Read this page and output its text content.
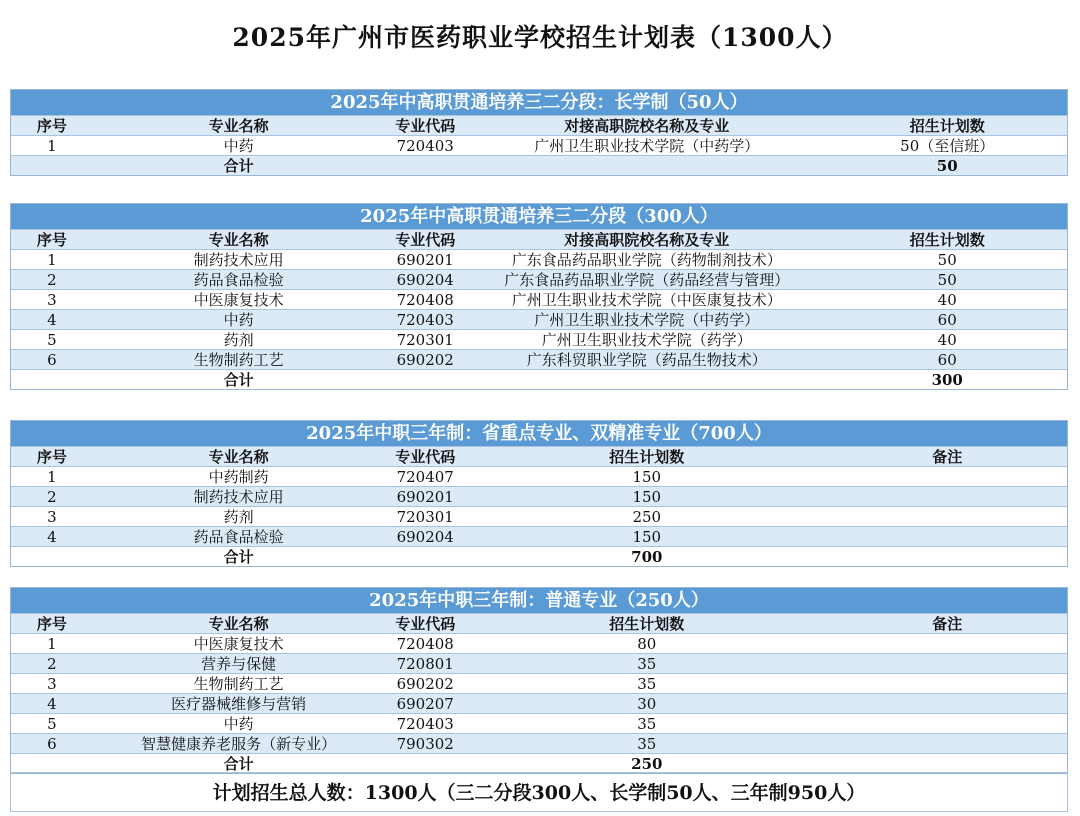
2025年广州市医药职业学校招生计划表（1300人）
2025年中高职贯通培养三二分段：长学制（50人）
序号	专业名称	专业代码	对接高职院校名称及专业	招生计划数
1	中药	720403	广州卫生职业技术学院（中药学）	50（至信班）
合计	50
2025年中高职贯通培养三二分段（300人）
序号	专业名称	专业代码	对接高职院校名称及专业	招生计划数
1	制药技术应用	690201	广东食品药品职业学院（药物制剂技术）	50
2	药品食品检验	690204	广东食品药品职业学院（药品经营与管理）	50
3	中医康复技术	720408	广州卫生职业技术学院（中医康复技术）	40
4	中药	720403	广州卫生职业技术学院（中药学）	60
5	药剂	720301	广州卫生职业技术学院（药学）	40
6	生物制药工艺	690202	广东科贸职业学院（药品生物技术）	60
合计	300
2025年中职三年制：省重点专业、双精准专业（700人）
序号	专业名称	专业代码	招生计划数	备注
1	中药制药	720407	150
2	制药技术应用	690201	150
3	药剂	720301	250
4	药品食品检验	690204	150
合计	700
2025年中职三年制：普通专业（250人）
序号	专业名称	专业代码	招生计划数	备注
1	中医康复技术	720408	80
2	营养与保健	720801	35
3	生物制药工艺	690202	35
4	医疗器械维修与营销	690207	30
5	中药	720403	35
6	智慧健康养老服务（新专业）	790302	35
合计	250
计划招生总人数：1300人（三二分段300人、长学制50人、三年制950人）
